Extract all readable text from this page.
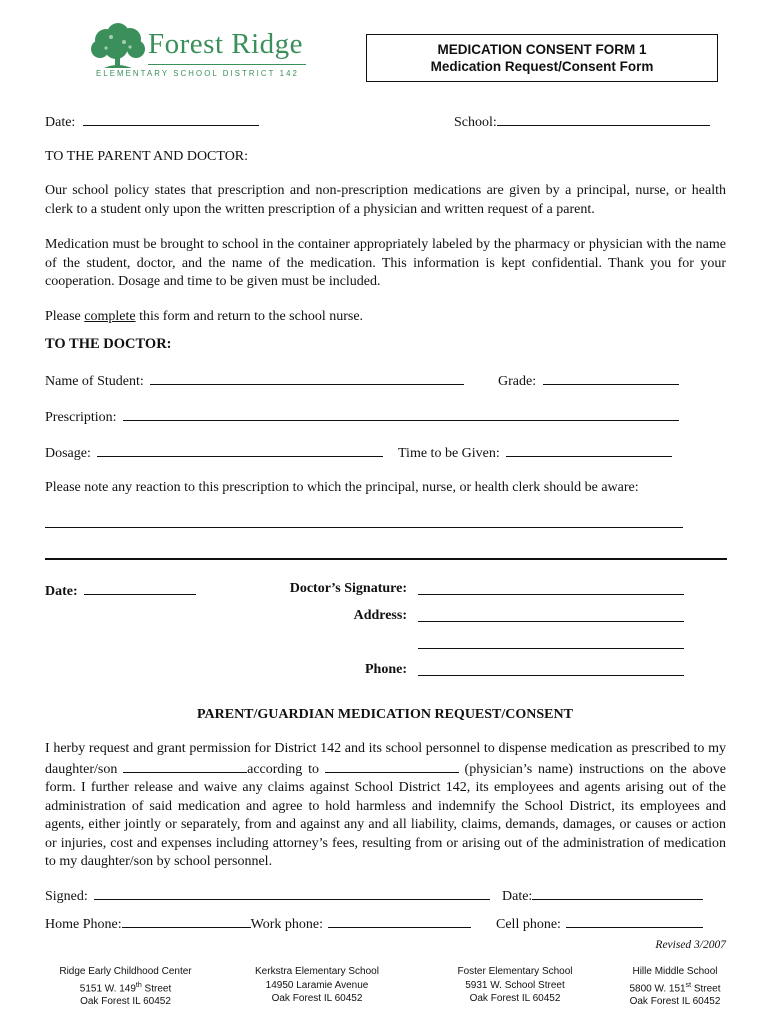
Forest Ridge
ELEMENTARY SCHOOL DISTRICT 142
MEDICATION CONSENT FORM 1
Medication Request/Consent Form
Date:	School:
TO THE PARENT AND DOCTOR:
Our school policy states that prescription and non-prescription medications are given by a principal, nurse, or health clerk to a student only upon the written prescription of a physician and written request of a parent.
Medication must be brought to school in the container appropriately labeled by the pharmacy or physician with the name of the student, doctor, and the name of the medication. This information is kept confidential. Thank you for your cooperation. Dosage and time to be given must be included.
Please complete this form and return to the school nurse.
TO THE DOCTOR:
Name of Student:	Grade:
Prescription:
Dosage:	Time to be Given:
Please note any reaction to this prescription to which the principal, nurse, or health clerk should be aware:
Date:	Doctor’s Signature:
Address:
Phone:
PARENT/GUARDIAN MEDICATION REQUEST/CONSENT
I herby request and grant permission for District 142 and its school personnel to dispense medication as prescribed to my daughter/son	according to	(physician’s name) instructions on the above form. I further release and waive any claims against School District 142, its employees and agents arising out of the administration of said medication and agree to hold harmless and indemnify the School District, its employees and agents, either jointly or separately, from and against any and all liability, claims, demands, damages, or causes or action or injuries, cost and expenses including attorney’s fees, resulting from or arising out of the administration of medication to my daughter/son by school personnel.
Signed:	Date:
Home Phone:	Work phone:	Cell phone:
Revised 3/2007
Ridge Early Childhood Center
5151 W. 149th Street
Oak Forest IL 60452
Kerkstra Elementary School
14950 Laramie Avenue
Oak Forest IL 60452
Foster Elementary School
5931 W. School Street
Oak Forest IL 60452
Hille Middle School
5800 W. 151st Street
Oak Forest IL 60452
